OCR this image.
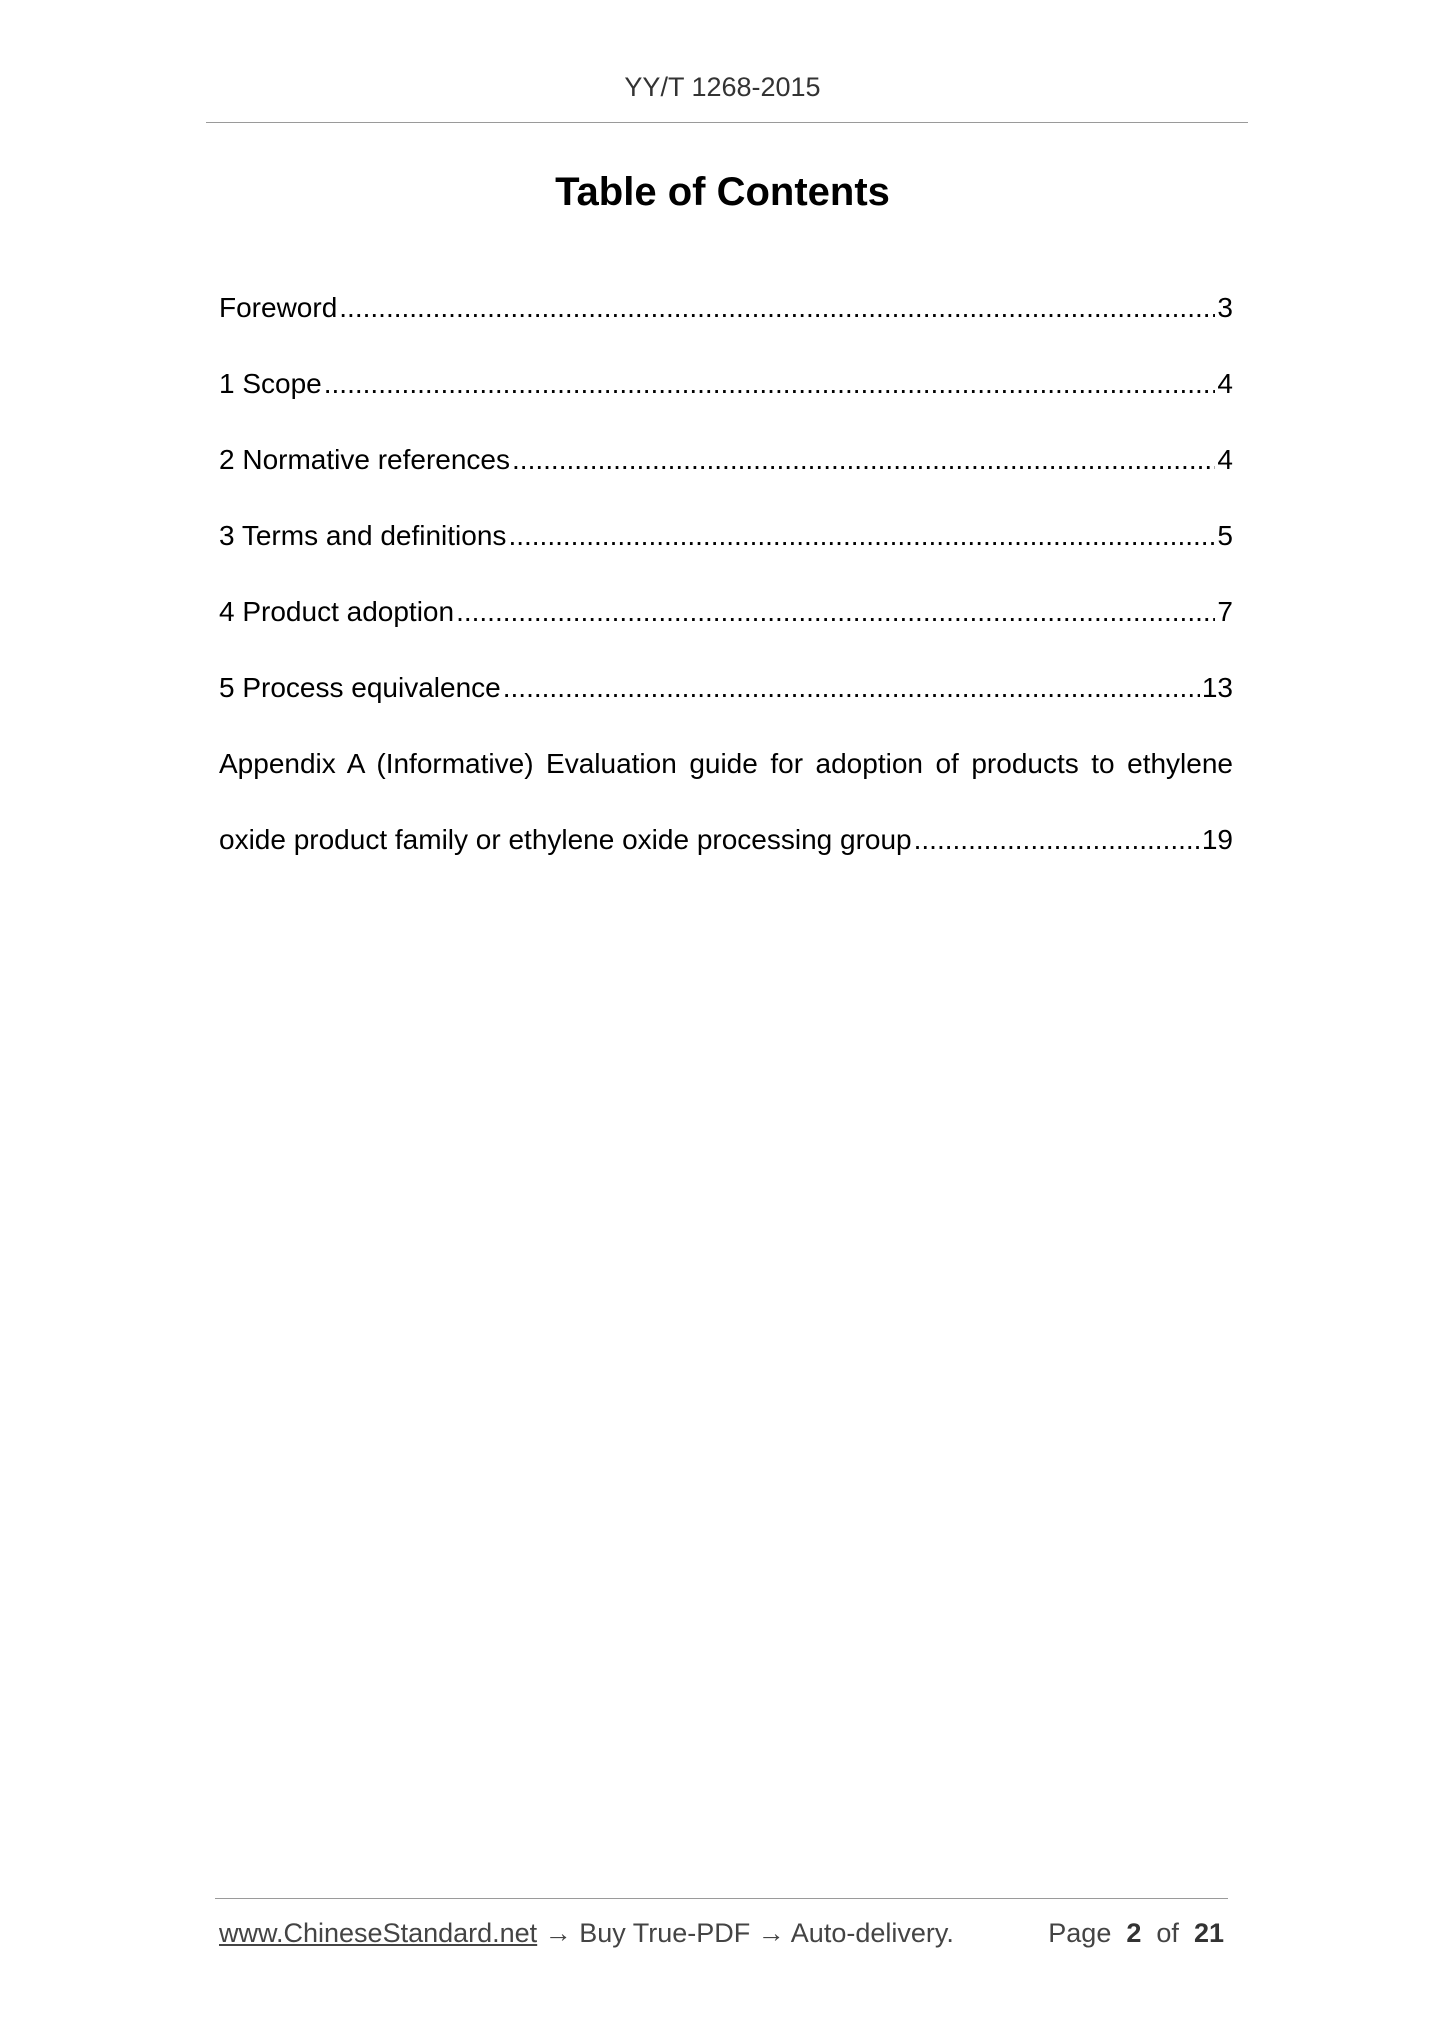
YY/T 1268-2015
Table of Contents
Foreword .....	3
1 Scope .....	4
2 Normative references .....	4
3 Terms and definitions .....	5
4 Product adoption .....	7
5 Process equivalence .....	13
Appendix A (Informative) Evaluation guide for adoption of products to ethylene
oxide product family or ethylene oxide processing group .....	19
www.ChineseStandard.net → Buy True-PDF → Auto-delivery.	Page 2 of 21
